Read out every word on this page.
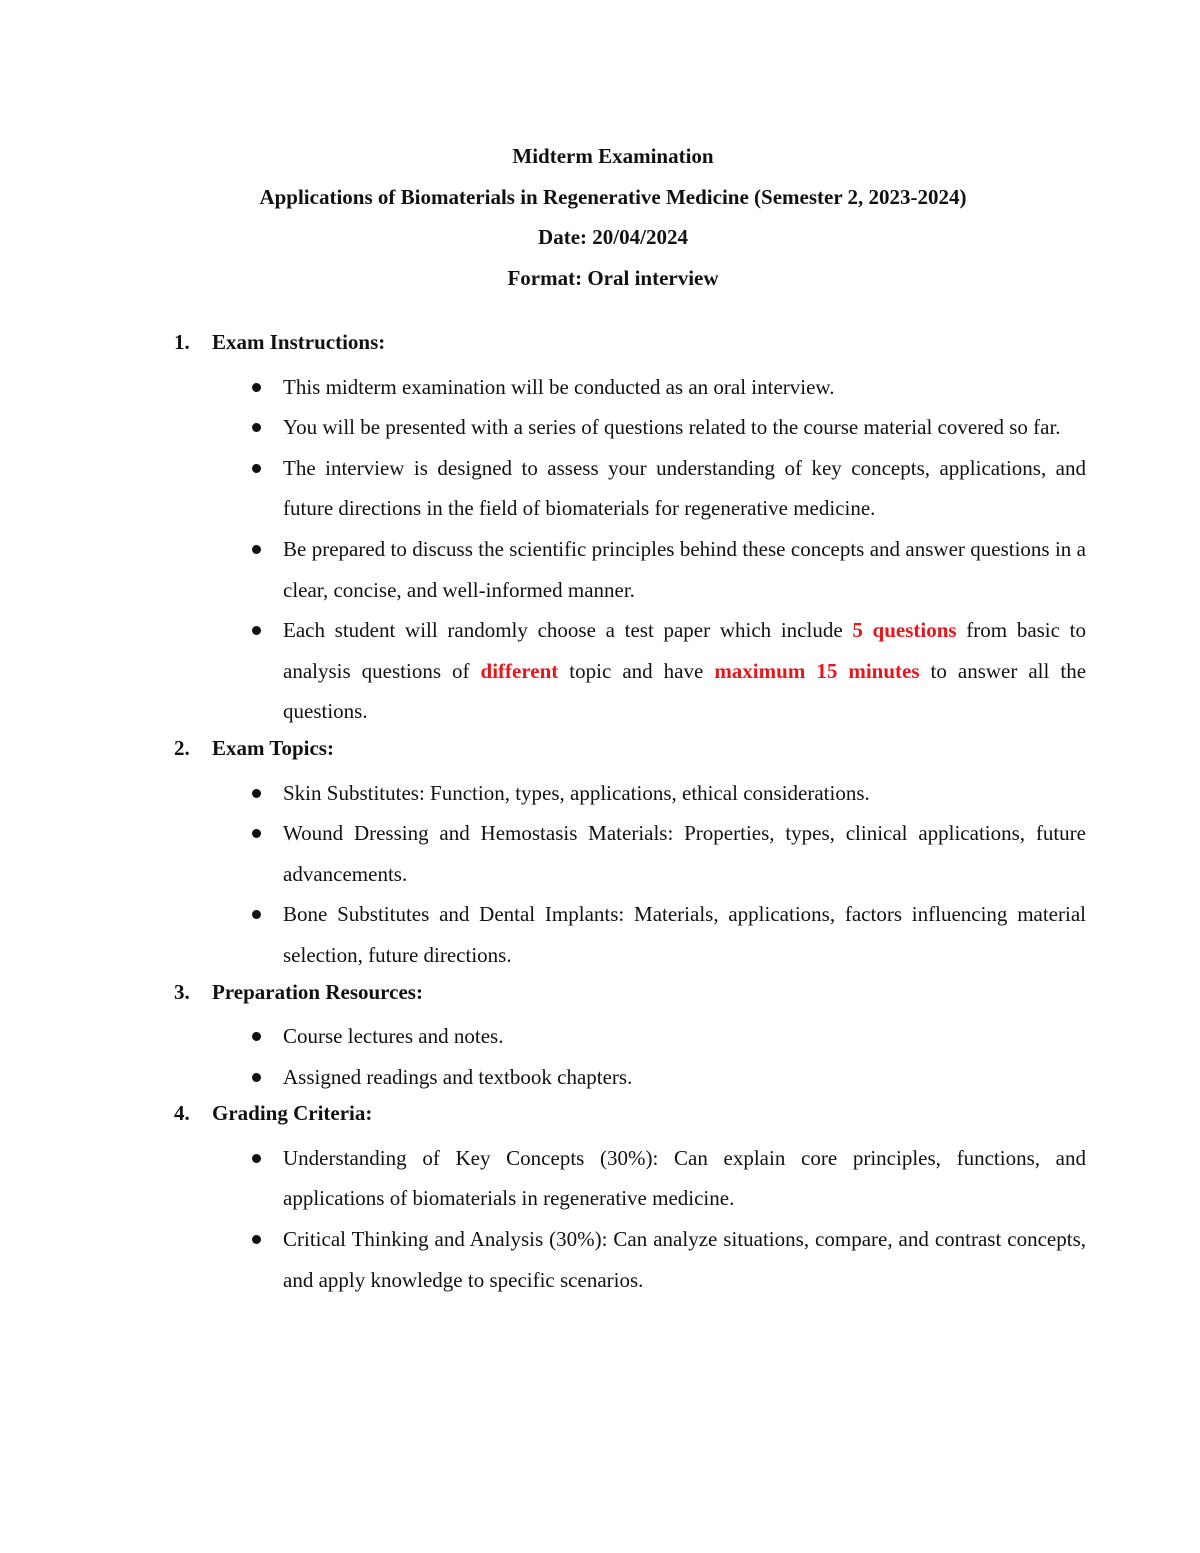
Midterm Examination
Applications of Biomaterials in Regenerative Medicine (Semester 2, 2023-2024)
Date: 20/04/2024
Format: Oral interview
1. Exam Instructions:
This midterm examination will be conducted as an oral interview.
You will be presented with a series of questions related to the course material covered so far.
The interview is designed to assess your understanding of key concepts, applications, and future directions in the field of biomaterials for regenerative medicine.
Be prepared to discuss the scientific principles behind these concepts and answer questions in a clear, concise, and well-informed manner.
Each student will randomly choose a test paper which include 5 questions from basic to analysis questions of different topic and have maximum 15 minutes to answer all the questions.
2. Exam Topics:
Skin Substitutes: Function, types, applications, ethical considerations.
Wound Dressing and Hemostasis Materials: Properties, types, clinical applications, future advancements.
Bone Substitutes and Dental Implants: Materials, applications, factors influencing material selection, future directions.
3. Preparation Resources:
Course lectures and notes.
Assigned readings and textbook chapters.
4. Grading Criteria:
Understanding of Key Concepts (30%): Can explain core principles, functions, and applications of biomaterials in regenerative medicine.
Critical Thinking and Analysis (30%): Can analyze situations, compare, and contrast concepts, and apply knowledge to specific scenarios.
